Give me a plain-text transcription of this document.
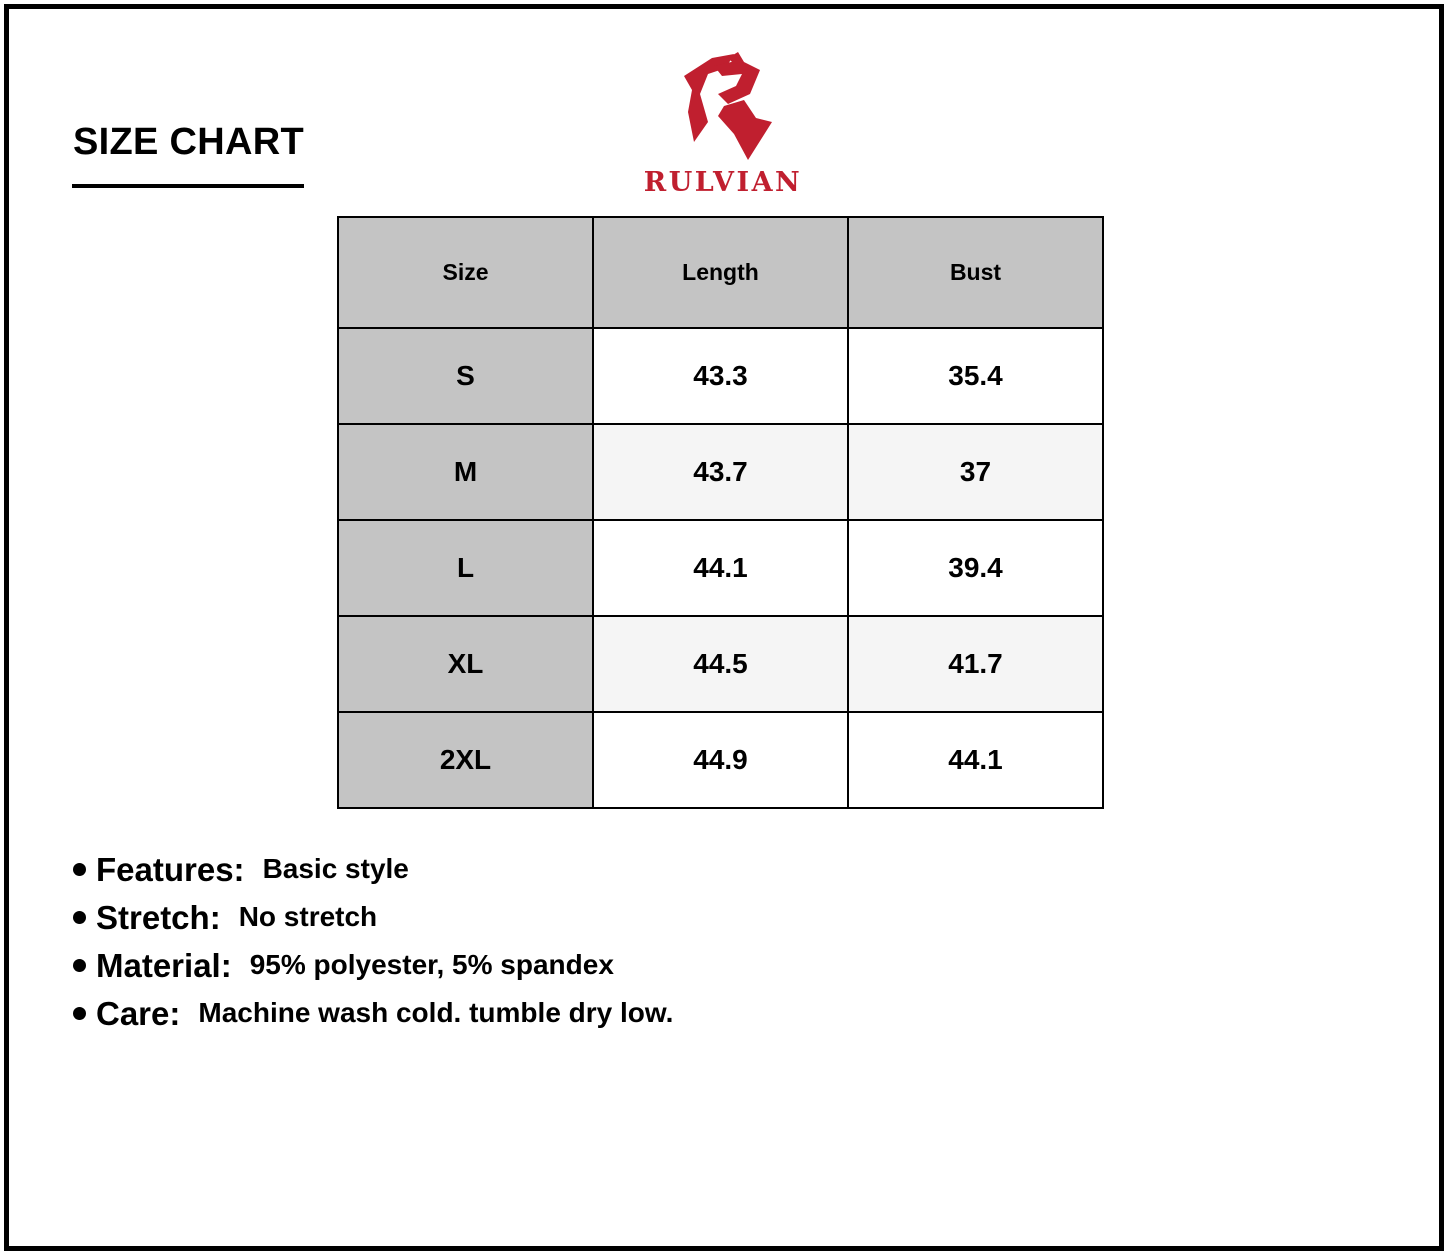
SIZE CHART
RULVIAN
Size	Length	Bust
S	43.3	35.4
M	43.7	37
L	44.1	39.4
XL	44.5	41.7
2XL	44.9	44.1
Features: Basic style
Stretch: No stretch
Material: 95% polyester, 5% spandex
Care: Machine wash cold. tumble dry low.
